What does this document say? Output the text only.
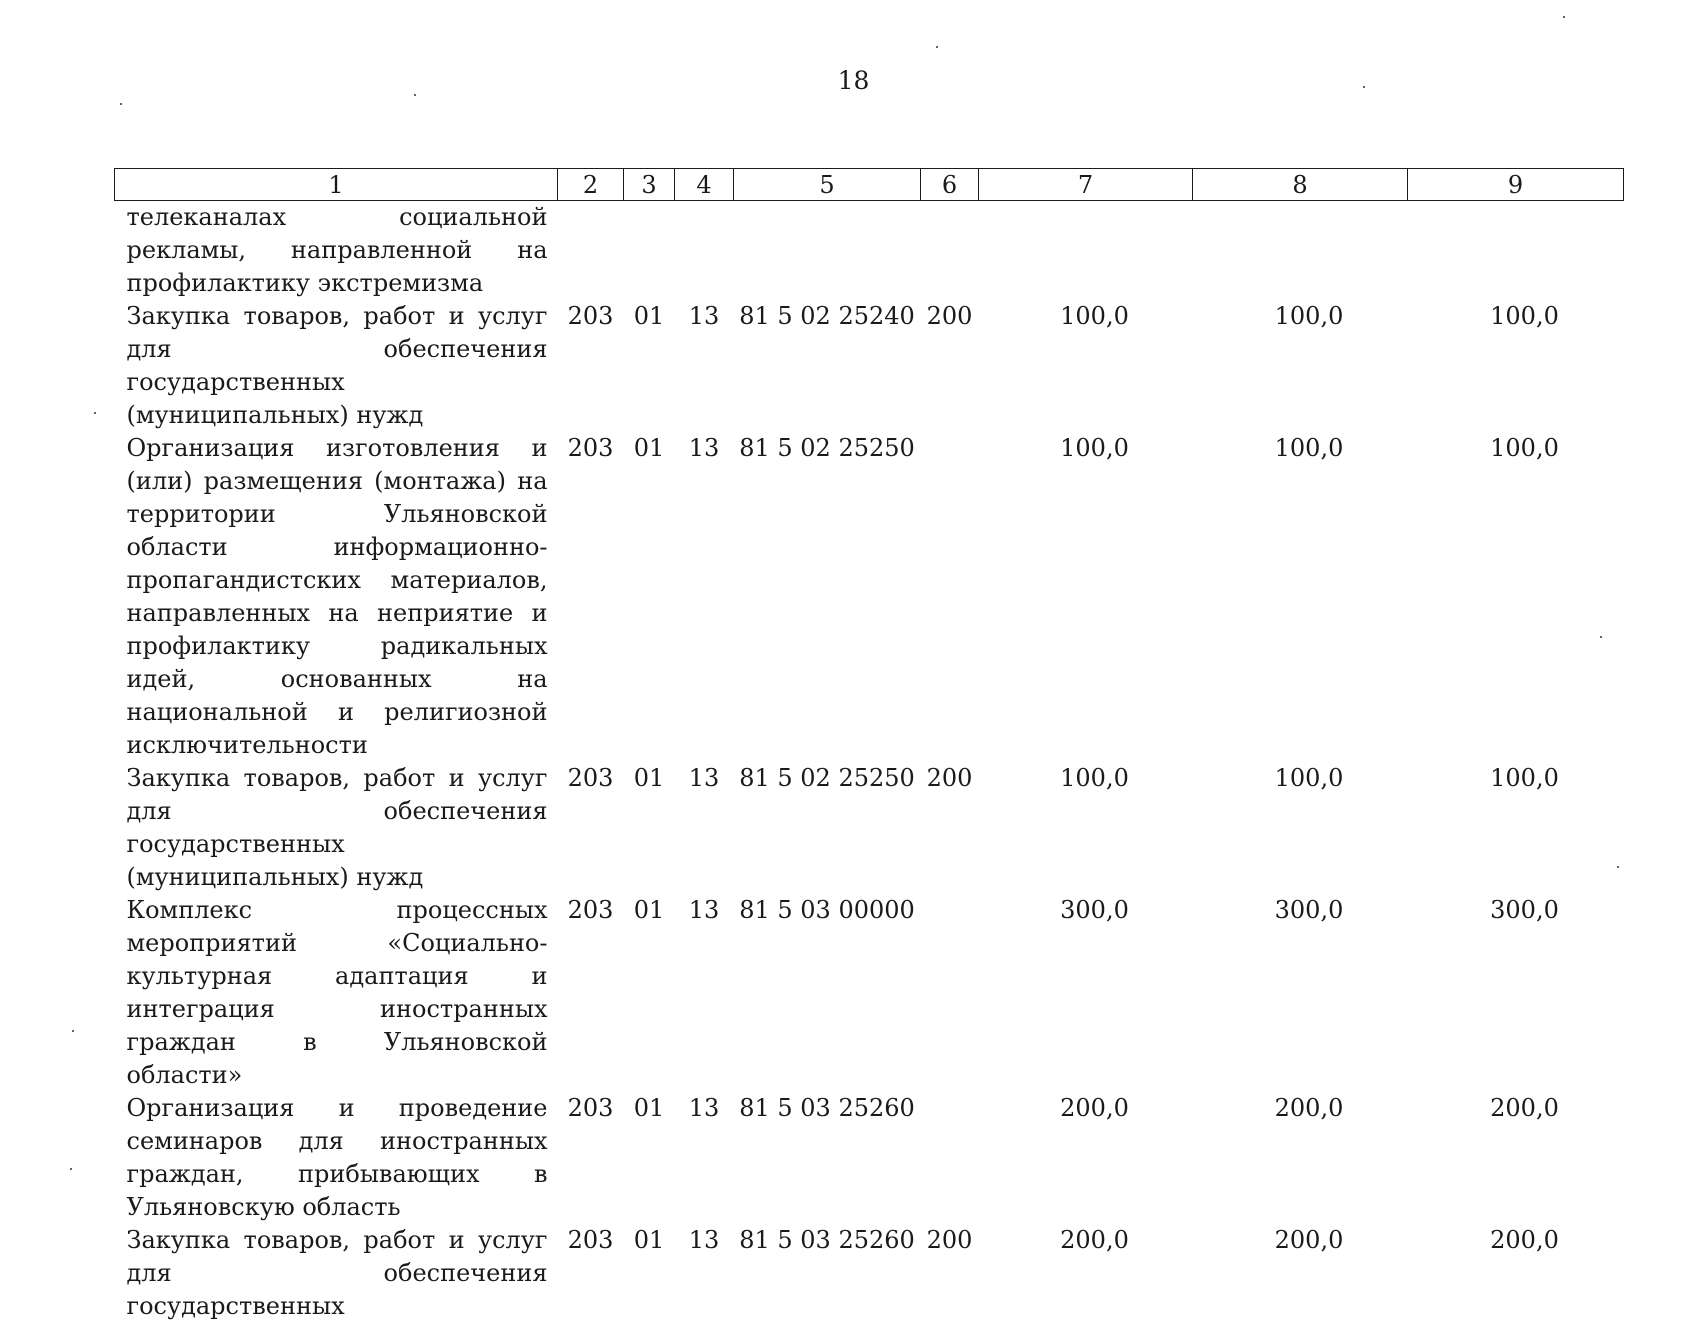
18
1	2	3	4	5	6	7	8	9
телеканалах социальной рекламы, направленной на профилактику экстремизма								
Закупка товаров, работ и услуг для обеспечения государственных (муниципальных) нужд	203	01	13	81 5 02 25240	200	100,0	100,0	100,0
Организация изготовления и (или) размещения (монтажа) на территории Ульяновской области информационно-пропагандистских материалов, направленных на неприятие и профилактику радикальных идей, основанных на национальной и религиозной исключительности	203	01	13	81 5 02 25250		100,0	100,0	100,0
Закупка товаров, работ и услуг для обеспечения государственных (муниципальных) нужд	203	01	13	81 5 02 25250	200	100,0	100,0	100,0
Комплекс процессных мероприятий «Социально-культурная адаптация и интеграция иностранных граждан в Ульяновской области»	203	01	13	81 5 03 00000		300,0	300,0	300,0
Организация и проведение семинаров для иностранных граждан, прибывающих в Ульяновскую область	203	01	13	81 5 03 25260		200,0	200,0	200,0
Закупка товаров, работ и услуг для обеспечения государственных	203	01	13	81 5 03 25260	200	200,0	200,0	200,0
